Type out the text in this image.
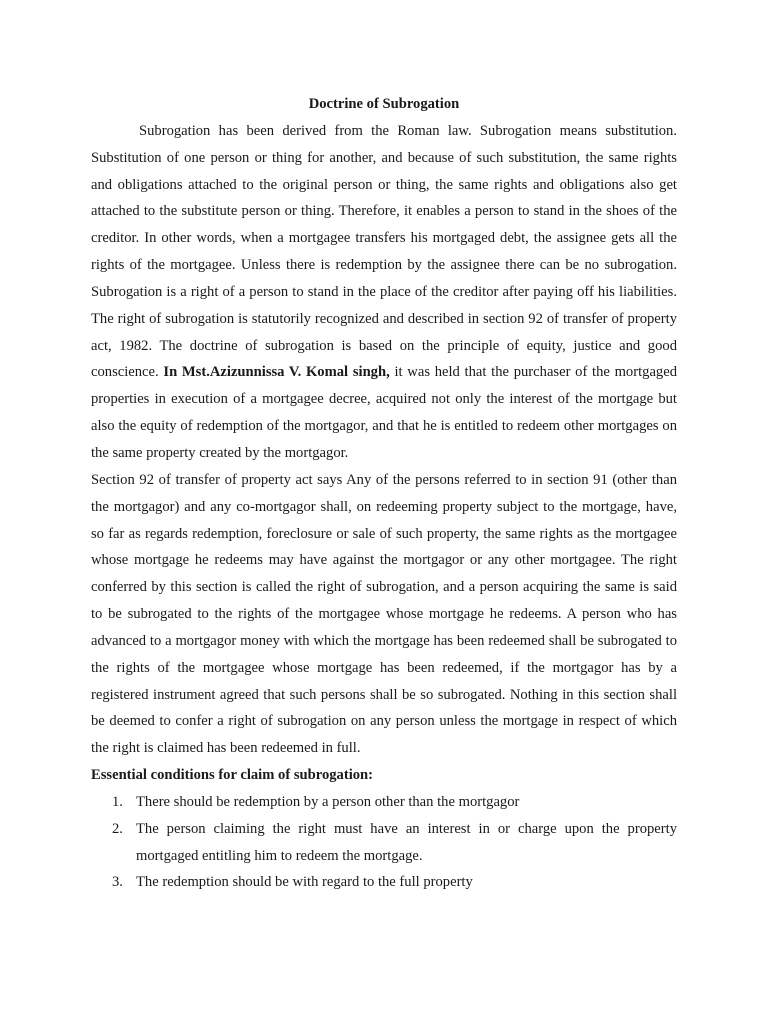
Doctrine of Subrogation

Subrogation has been derived from the Roman law. Subrogation means substitution. Substitution of one person or thing for another, and because of such substitution, the same rights and obligations attached to the original person or thing, the same rights and obligations also get attached to the substitute person or thing. Therefore, it enables a person to stand in the shoes of the creditor. In other words, when a mortgagee transfers his mortgaged debt, the assignee gets all the rights of the mortgagee. Unless there is redemption by the assignee there can be no subrogation. Subrogation is a right of a person to stand in the place of the creditor after paying off his liabilities. The right of subrogation is statutorily recognized and described in section 92 of transfer of property act, 1982. The doctrine of subrogation is based on the principle of equity, justice and good conscience. In Mst.Azizunnissa V. Komal singh, it was held that the purchaser of the mortgaged properties in execution of a mortgagee decree, acquired not only the interest of the mortgage but also the equity of redemption of the mortgagor, and that he is entitled to redeem other mortgages on the same property created by the mortgagor.

Section 92 of transfer of property act says Any of the persons referred to in section 91 (other than the mortgagor) and any co-mortgagor shall, on redeeming property subject to the mortgage, have, so far as regards redemption, foreclosure or sale of such property, the same rights as the mortgagee whose mortgage he redeems may have against the mortgagor or any other mortgagee. The right conferred by this section is called the right of subrogation, and a person acquiring the same is said to be subrogated to the rights of the mortgagee whose mortgage he redeems. A person who has advanced to a mortgagor money with which the mortgage has been redeemed shall be subrogated to the rights of the mortgagee whose mortgage has been redeemed, if the mortgagor has by a registered instrument agreed that such persons shall be so subrogated. Nothing in this section shall be deemed to confer a right of subrogation on any person unless the mortgage in respect of which the right is claimed has been redeemed in full.

Essential conditions for claim of subrogation:

1. There should be redemption by a person other than the mortgagor
2. The person claiming the right must have an interest in or charge upon the property mortgaged entitling him to redeem the mortgage.
3. The redemption should be with regard to the full property
